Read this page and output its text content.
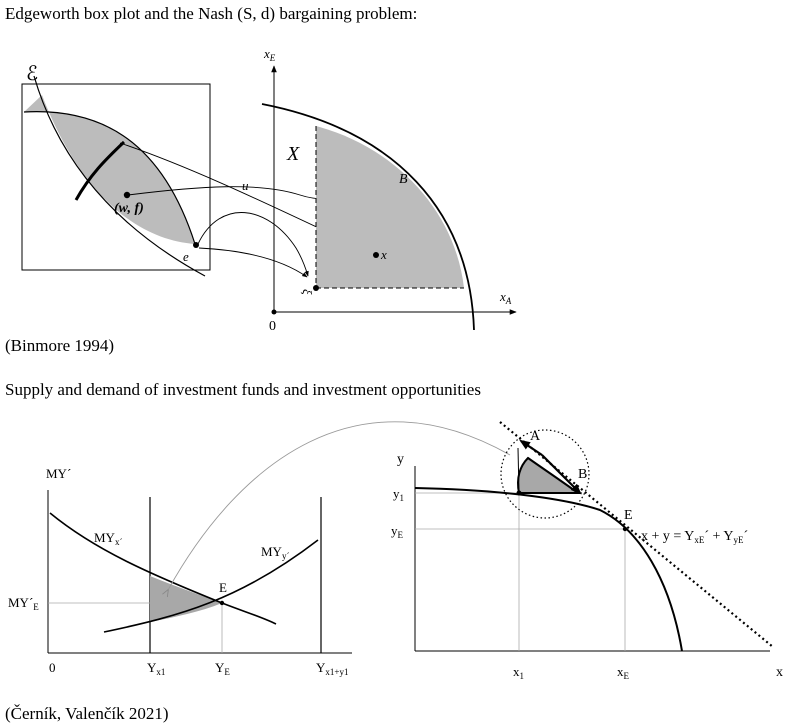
Edgeworth box plot and the Nash (S, d) bargaining problem:
(Binmore 1994)
Supply and demand of investment funds and investment opportunities
(Černík, Valenčík 2021)
ℰ
(w, f)
e
u
$x_E$
$x_A$
0
X
B
x
ξ
MY´
$MY_{x´}$
$MY_{y´}$
E
$MY´_E$
0	$Y_{x1}$	$Y_E$	$Y_{x1+y1}$
y
x
$y_1$
$y_E$
$x_1$	$x_E$
A
B
E
$x + y = Y_{xE}´$ + $Y_{yE}´$
